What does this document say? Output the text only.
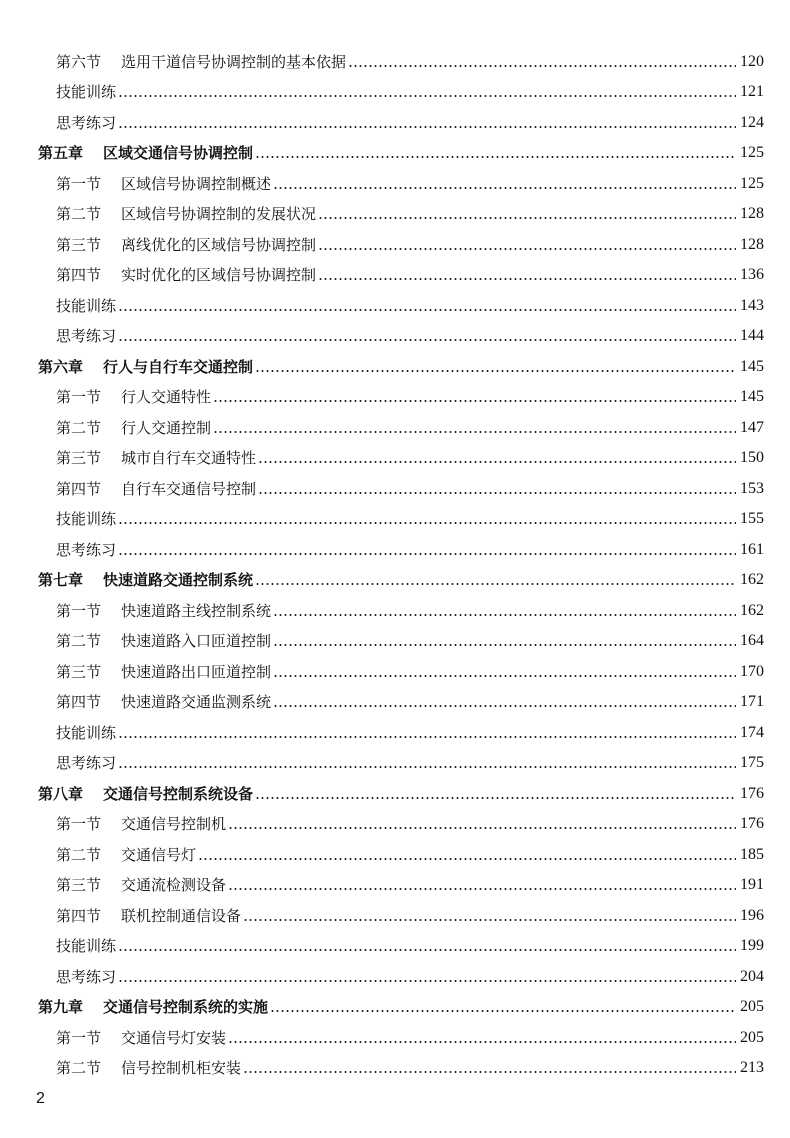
第六节	选用干道信号协调控制的基本依据	120
技能训练	121
思考练习	124
第五章	区域交通信号协调控制	125
第一节	区域信号协调控制概述	125
第二节	区域信号协调控制的发展状况	128
第三节	离线优化的区域信号协调控制	128
第四节	实时优化的区域信号协调控制	136
技能训练	143
思考练习	144
第六章	行人与自行车交通控制	145
第一节	行人交通特性	145
第二节	行人交通控制	147
第三节	城市自行车交通特性	150
第四节	自行车交通信号控制	153
技能训练	155
思考练习	161
第七章	快速道路交通控制系统	162
第一节	快速道路主线控制系统	162
第二节	快速道路入口匝道控制	164
第三节	快速道路出口匝道控制	170
第四节	快速道路交通监测系统	171
技能训练	174
思考练习	175
第八章	交通信号控制系统设备	176
第一节	交通信号控制机	176
第二节	交通信号灯	185
第三节	交通流检测设备	191
第四节	联机控制通信设备	196
技能训练	199
思考练习	204
第九章	交通信号控制系统的实施	205
第一节	交通信号灯安装	205
第二节	信号控制机柜安装	213
2
